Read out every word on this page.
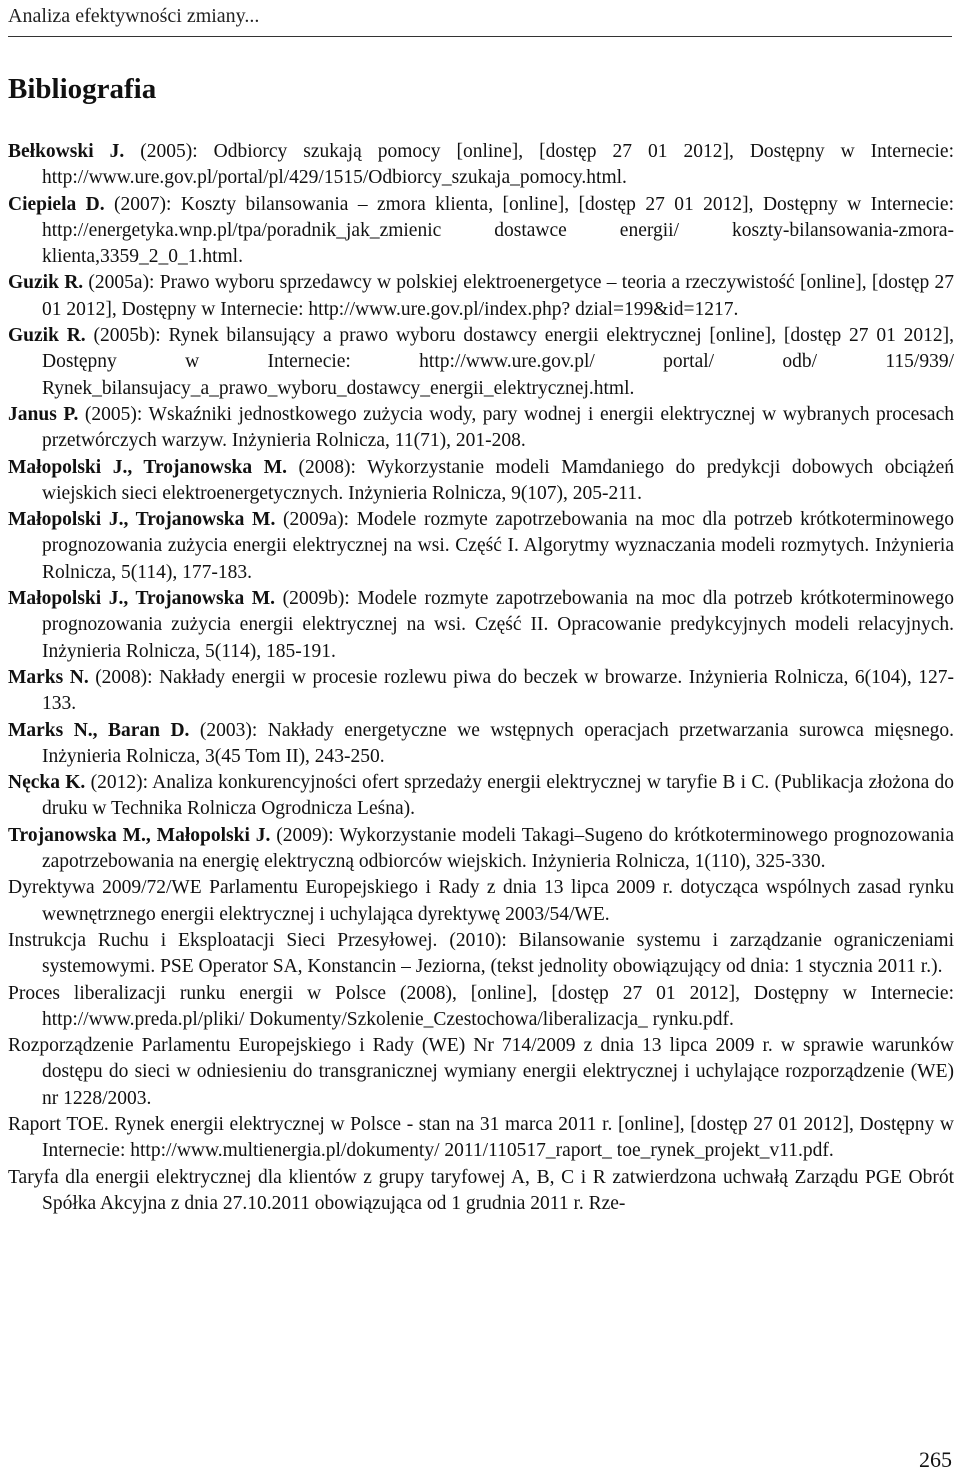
Analiza efektywności zmiany...
Bibliografia
Bełkowski J. (2005): Odbiorcy szukają pomocy [online], [dostęp 27 01 2012], Dostępny w Internecie: http://www.ure.gov.pl/portal/pl/429/1515/Odbiorcy_szukaja_pomocy.html.
Ciepiela D. (2007): Koszty bilansowania – zmora klienta, [online], [dostęp 27 01 2012], Dostępny w Internecie: http://energetyka.wnp.pl/tpa/poradnik_jak_zmienic dostawce energii/ koszty-bilansowania-zmora-klienta,3359_2_0_1.html.
Guzik R. (2005a): Prawo wyboru sprzedawcy w polskiej elektroenergetyce – teoria a rzeczywistość [online], [dostęp 27 01 2012], Dostępny w Internecie: http://www.ure.gov.pl/index.php? dzial=199&id=1217.
Guzik R. (2005b): Rynek bilansujący a prawo wyboru dostawcy energii elektrycznej [online], [dostęp 27 01 2012], Dostępny w Internecie: http://www.ure.gov.pl/ portal/ odb/ 115/939/ Rynek_bilansujacy_a_prawo_wyboru_dostawcy_energii_elektrycznej.html.
Janus P. (2005): Wskaźniki jednostkowego zużycia wody, pary wodnej i energii elektrycznej w wybranych procesach przetwórczych warzyw. Inżynieria Rolnicza, 11(71), 201-208.
Małopolski J., Trojanowska M. (2008): Wykorzystanie modeli Mamdaniego do predykcji dobowych obciążeń wiejskich sieci elektroenergetycznych. Inżynieria Rolnicza, 9(107), 205-211.
Małopolski J., Trojanowska M. (2009a): Modele rozmyte zapotrzebowania na moc dla potrzeb krótkoterminowego prognozowania zużycia energii elektrycznej na wsi. Część I. Algorytmy wyznaczania modeli rozmytych. Inżynieria Rolnicza, 5(114), 177-183.
Małopolski J., Trojanowska M. (2009b): Modele rozmyte zapotrzebowania na moc dla potrzeb krótkoterminowego prognozowania zużycia energii elektrycznej na wsi. Część II. Opracowanie predykcyjnych modeli relacyjnych. Inżynieria Rolnicza, 5(114), 185-191.
Marks N. (2008): Nakłady energii w procesie rozlewu piwa do beczek w browarze. Inżynieria Rolnicza, 6(104), 127-133.
Marks N., Baran D. (2003): Nakłady energetyczne we wstępnych operacjach przetwarzania surowca mięsnego. Inżynieria Rolnicza, 3(45 Tom II), 243-250.
Nęcka K. (2012): Analiza konkurencyjności ofert sprzedaży energii elektrycznej w taryfie B i C. (Publikacja złożona do druku w Technika Rolnicza Ogrodnicza Leśna).
Trojanowska M., Małopolski J. (2009): Wykorzystanie modeli Takagi–Sugeno do krótkoterminowego prognozowania zapotrzebowania na energię elektryczną odbiorców wiejskich. Inżynieria Rolnicza, 1(110), 325-330.
Dyrektywa 2009/72/WE Parlamentu Europejskiego i Rady z dnia 13 lipca 2009 r. dotycząca wspólnych zasad rynku wewnętrznego energii elektrycznej i uchylająca dyrektywę 2003/54/WE.
Instrukcja Ruchu i Eksploatacji Sieci Przesyłowej. (2010): Bilansowanie systemu i zarządzanie ograniczeniami systemowymi. PSE Operator SA, Konstancin – Jeziorna, (tekst jednolity obowiązujący od dnia: 1 stycznia 2011 r.).
Proces liberalizacji runku energii w Polsce (2008), [online], [dostęp 27 01 2012], Dostępny w Internecie: http://www.preda.pl/pliki/ Dokumenty/Szkolenie_Czestochowa/liberalizacja_ rynku.pdf.
Rozporządzenie Parlamentu Europejskiego i Rady (WE) Nr 714/2009 z dnia 13 lipca 2009 r. w sprawie warunków dostępu do sieci w odniesieniu do transgranicznej wymiany energii elektrycznej i uchylające rozporządzenie (WE) nr 1228/2003.
Raport TOE. Rynek energii elektrycznej w Polsce - stan na 31 marca 2011 r. [online], [dostęp 27 01 2012], Dostępny w Internecie: http://www.multienergia.pl/dokumenty/ 2011/110517_raport_ toe_rynek_projekt_v11.pdf.
Taryfa dla energii elektrycznej dla klientów z grupy taryfowej A, B, C i R zatwierdzona uchwałą Zarządu PGE Obrót Spółka Akcyjna z dnia 27.10.2011 obowiązująca od 1 grudnia 2011 r. Rze-
265
